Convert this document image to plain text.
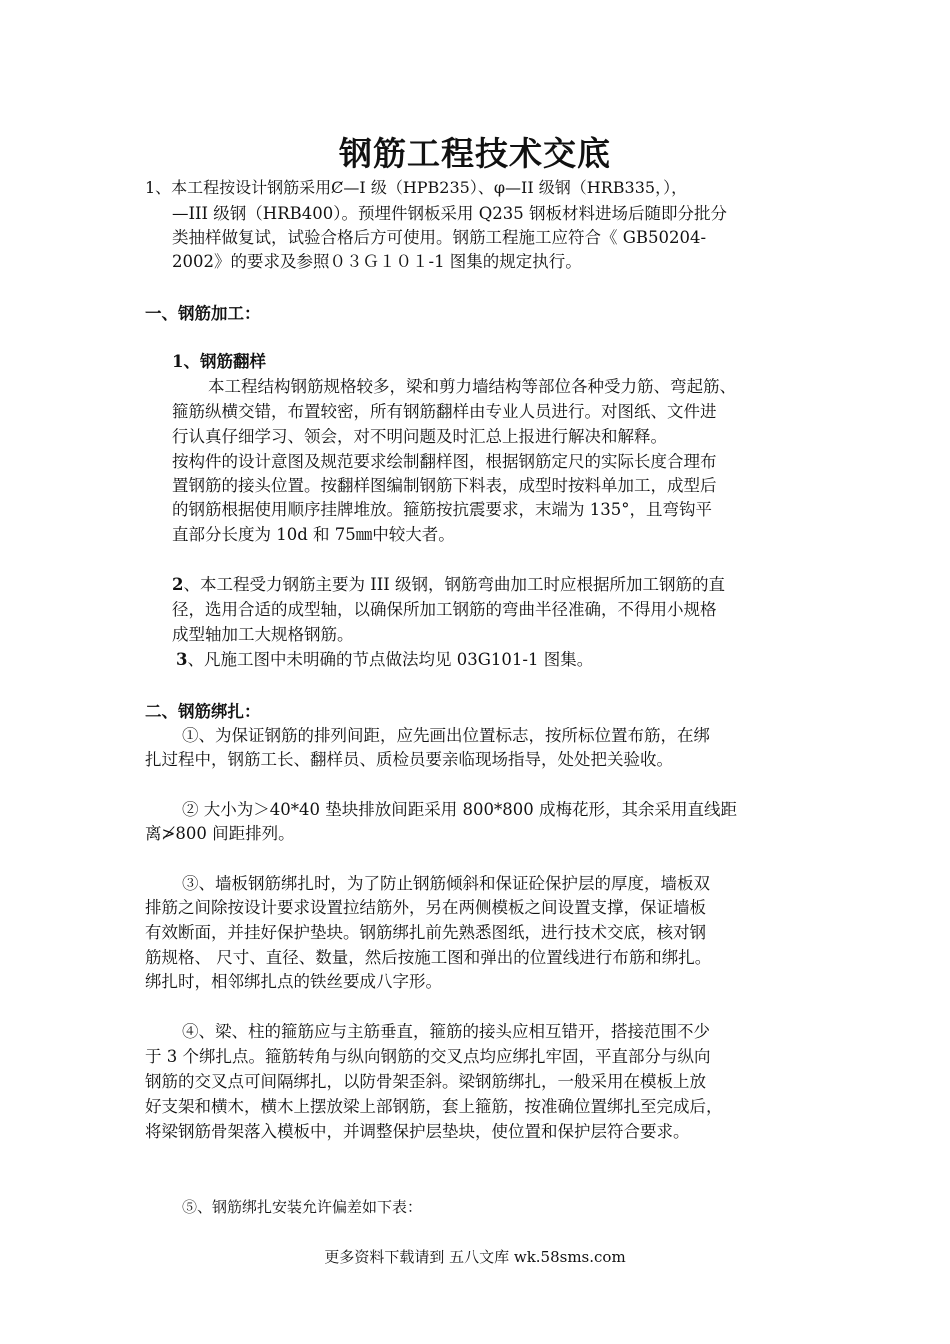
钢筋工程技术交底
1、本工程按设计钢筋采用Ȼ—I 级（HPB235）、φ—II 级钢（HRB335，），
—III 级钢（HRB400）。预埋件钢板采用 Q235 钢板材料进场后随即分批分
类抽样做复试，试验合格后方可使用。钢筋工程施工应符合《 GB50204-
2002》的要求及参照０３Ｇ１０１-1 图集的规定执行。
一、钢筋加工：
1、钢筋翻样
本工程结构钢筋规格较多，梁和剪力墙结构等部位各种受力筋、弯起筋、
箍筋纵横交错，布置较密，所有钢筋翻样由专业人员进行。对图纸、文件进
行认真仔细学习、领会，对不明问题及时汇总上报进行解决和解释。
按构件的设计意图及规范要求绘制翻样图，根据钢筋定尺的实际长度合理布
置钢筋的接头位置。按翻样图编制钢筋下料表，成型时按料单加工，成型后
的钢筋根据使用顺序挂牌堆放。箍筋按抗震要求，末端为 135°，且弯钩平
直部分长度为 10d 和 75㎜中较大者。
2、本工程受力钢筋主要为 III 级钢，钢筋弯曲加工时应根据所加工钢筋的直
径，选用合适的成型轴，以确保所加工钢筋的弯曲半径准确，不得用小规格
成型轴加工大规格钢筋。
3、凡施工图中未明确的节点做法均见 03G101-1 图集。
二、钢筋绑扎：
①、为保证钢筋的排列间距，应先画出位置标志，按所标位置布筋，在绑
扎过程中，钢筋工长、翻样员、质检员要亲临现场指导，处处把关验收。
② 大小为＞40*40 垫块排放间距采用 800*800 成梅花形，其余采用直线距
离≯800 间距排列。
③、墙板钢筋绑扎时，为了防止钢筋倾斜和保证砼保护层的厚度，墙板双
排筋之间除按设计要求设置拉结筋外，另在两侧模板之间设置支撑，保证墙板
有效断面，并挂好保护垫块。钢筋绑扎前先熟悉图纸，进行技术交底，核对钢
筋规格、 尺寸、直径、数量，然后按施工图和弹出的位置线进行布筋和绑扎。
绑扎时，相邻绑扎点的铁丝要成八字形。
④、梁、柱的箍筋应与主筋垂直，箍筋的接头应相互错开，搭接范围不少
于 3 个绑扎点。箍筋转角与纵向钢筋的交叉点均应绑扎牢固，平直部分与纵向
钢筋的交叉点可间隔绑扎，以防骨架歪斜。梁钢筋绑扎，一般采用在模板上放
好支架和横木，横木上摆放梁上部钢筋，套上箍筋，按准确位置绑扎至完成后，
将梁钢筋骨架落入模板中，并调整保护层垫块，使位置和保护层符合要求。
⑤、钢筋绑扎安装允许偏差如下表：
更多资料下载请到 五八文库 wk.58sms.com
